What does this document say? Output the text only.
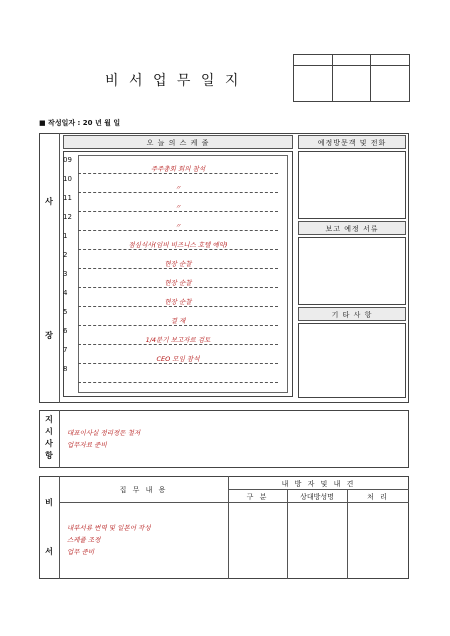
비 서 업 무 일 지

■ 작성일자 : 20 년 월 일
사
장
오 늘 의 스 케 줄
09
주주총회 회의 참석
10
〃
11
〃
12
〃
1
점심식사(임비 비즈니스 호텔 예약)
2
현장 순찰
3
현장 순찰
4
현장 순찰
5
결 재
6
1/4분기 보고자료 검토
7
CEO 모임 참석
8
예정방문객 및 전화
보고 예정 서류
기 타 사 항
지
시
사
항
대표이사실 정리정돈 철저
업무자료 준비
비
서
집 무 내 용
내 방 자 및 내 견
구 분	상대방성명	처 리
내부서류 번역 및 일본어 작성
스케쥴 조정
업무 준비
